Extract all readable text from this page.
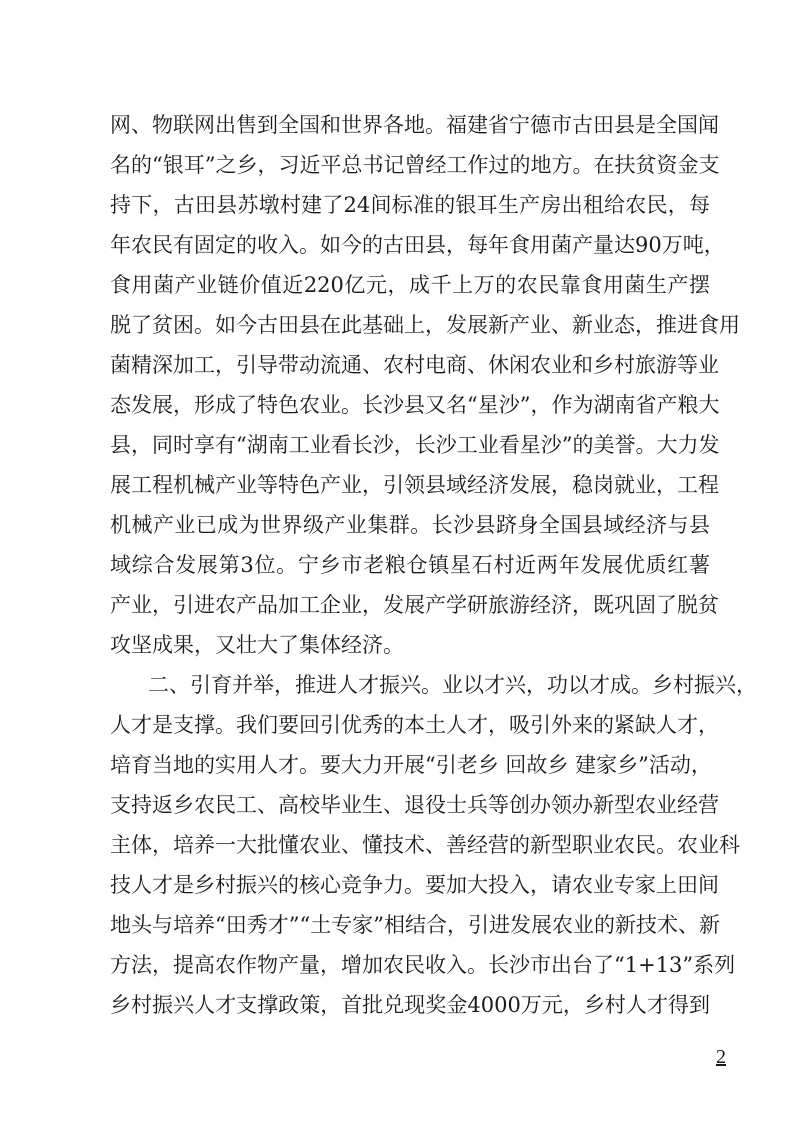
网、物联网出售到全国和世界各地。福建省宁德市古田县是全国闻
名的“银耳”之乡，习近平总书记曾经工作过的地方。在扶贫资金支
持下，古田县苏墩村建了24间标准的银耳生产房出租给农民，每
年农民有固定的收入。如今的古田县，每年食用菌产量达90万吨，
食用菌产业链价值近220亿元，成千上万的农民靠食用菌生产摆
脱了贫困。如今古田县在此基础上，发展新产业、新业态，推进食用
菌精深加工，引导带动流通、农村电商、休闲农业和乡村旅游等业
态发展，形成了特色农业。长沙县又名“星沙”，作为湖南省产粮大
县，同时享有“湖南工业看长沙，长沙工业看星沙”的美誉。大力发
展工程机械产业等特色产业，引领县域经济发展，稳岗就业，工程
机械产业已成为世界级产业集群。长沙县跻身全国县域经济与县
域综合发展第3位。宁乡市老粮仓镇星石村近两年发展优质红薯
产业，引进农产品加工企业，发展产学研旅游经济，既巩固了脱贫
攻坚成果，又壮大了集体经济。
二、引育并举，推进人才振兴。业以才兴，功以才成。乡村振兴，
人才是支撑。我们要回引优秀的本土人才，吸引外来的紧缺人才，
培育当地的实用人才。要大力开展“引老乡 回故乡 建家乡”活动，
支持返乡农民工、高校毕业生、退役士兵等创办领办新型农业经营
主体，培养一大批懂农业、懂技术、善经营的新型职业农民。农业科
技人才是乡村振兴的核心竞争力。要加大投入，请农业专家上田间
地头与培养“田秀才”“土专家”相结合，引进发展农业的新技术、新
方法，提高农作物产量，增加农民收入。长沙市出台了“1+13”系列
乡村振兴人才支撑政策，首批兑现奖金4000万元，乡村人才得到
2
